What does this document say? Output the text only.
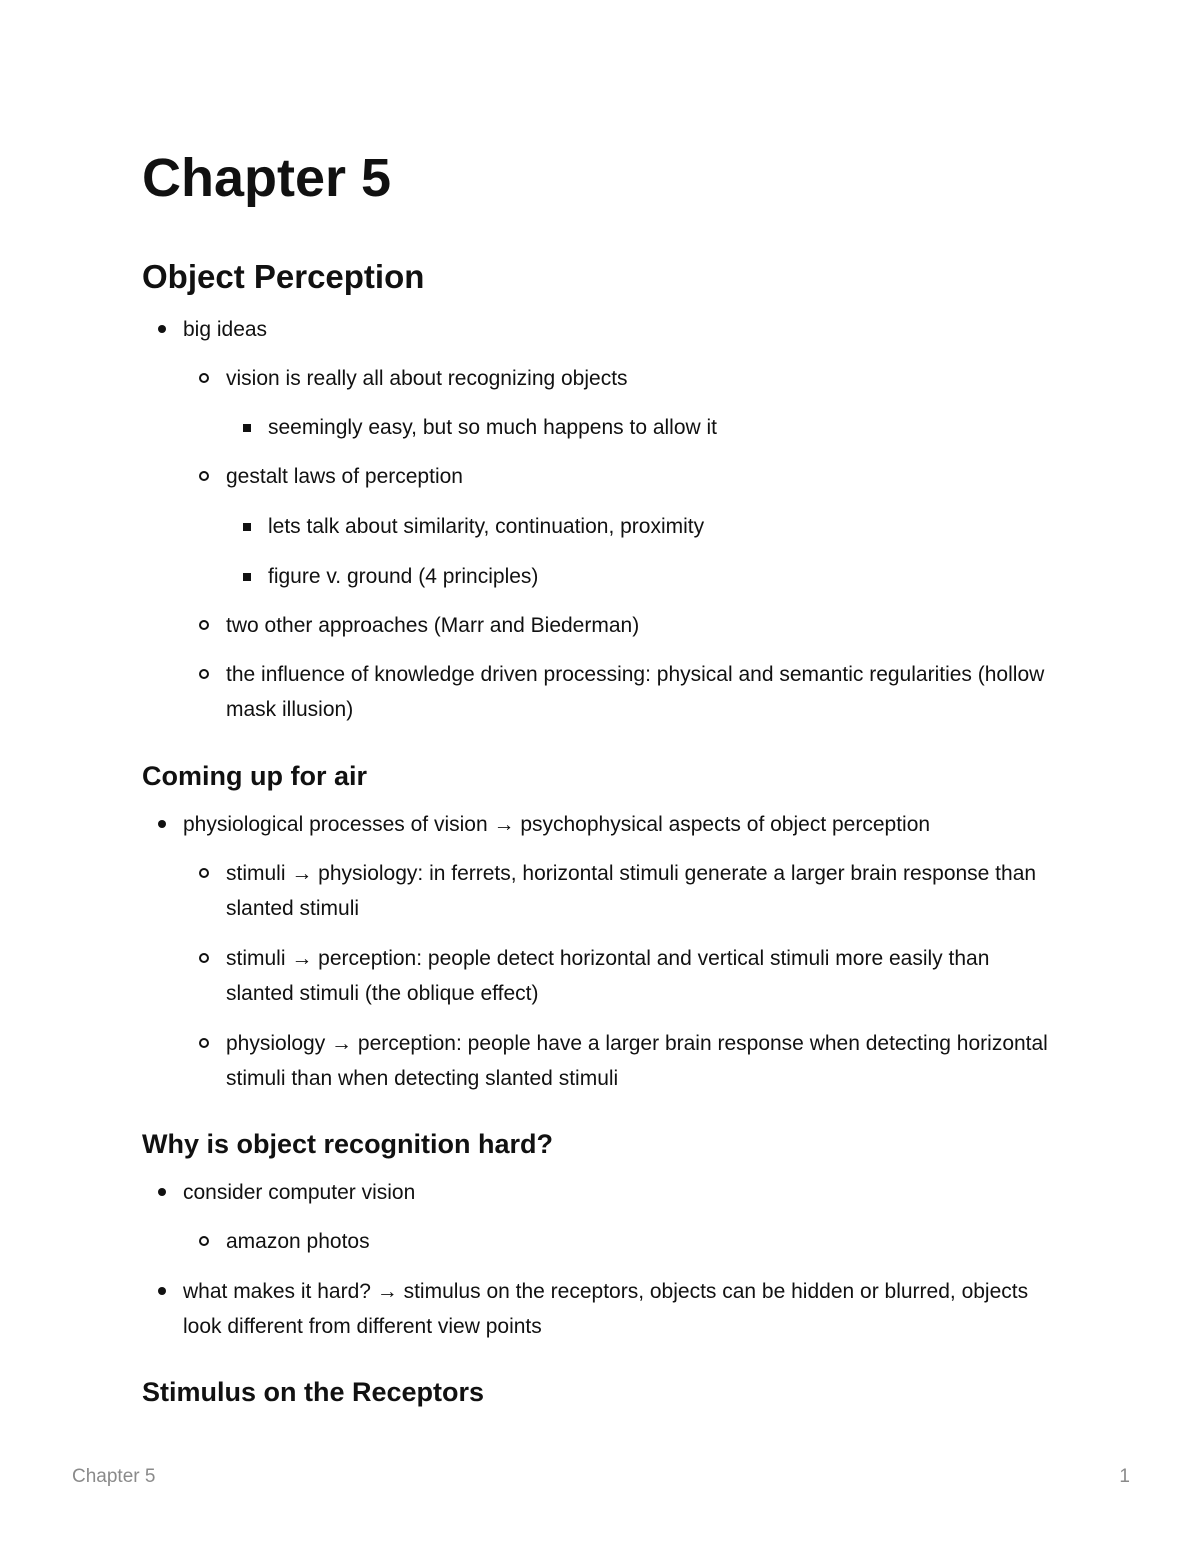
Chapter 5
Object Perception
big ideas
vision is really all about recognizing objects
seemingly easy, but so much happens to allow it
gestalt laws of perception
lets talk about similarity, continuation, proximity
figure v. ground (4 principles)
two other approaches (Marr and Biederman)
the influence of knowledge driven processing: physical and semantic regularities (hollow mask illusion)
Coming up for air
physiological processes of vision → psychophysical aspects of object perception
stimuli → physiology: in ferrets, horizontal stimuli generate a larger brain response than slanted stimuli
stimuli → perception: people detect horizontal and vertical stimuli more easily than slanted stimuli (the oblique effect)
physiology → perception: people have a larger brain response when detecting horizontal stimuli than when detecting slanted stimuli
Why is object recognition hard?
consider computer vision
amazon photos
what makes it hard? → stimulus on the receptors, objects can be hidden or blurred, objects look different from different view points
Stimulus on the Receptors
Chapter 5	1
